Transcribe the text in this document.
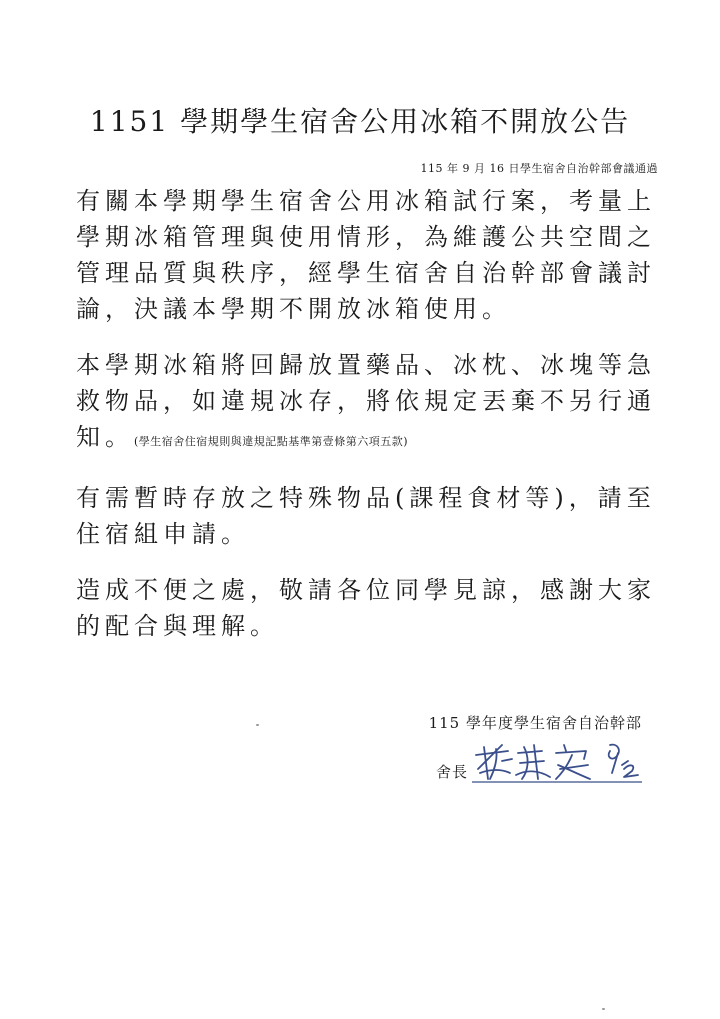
1151 學期學生宿舍公用冰箱不開放公告

115 年 9 月 16 日學生宿舍自治幹部會議通過

有關本學期學生宿舍公用冰箱試行案，考量上學期冰箱管理與使用情形，為維護公共空間之管理品質與秩序，經學生宿舍自治幹部會議討論，決議本學期不開放冰箱使用。

本學期冰箱將回歸放置藥品、冰枕、冰塊等急救物品，如違規冰存，將依規定丟棄不另行通知。(學生宿舍住宿規則與違規記點基準第壹條第六項五款)

有需暫時存放之特殊物品(課程食材等)，請至住宿組申請。

造成不便之處，敬請各位同學見諒，感謝大家的配合與理解。

115 學年度學生宿舍自治幹部

舍長
